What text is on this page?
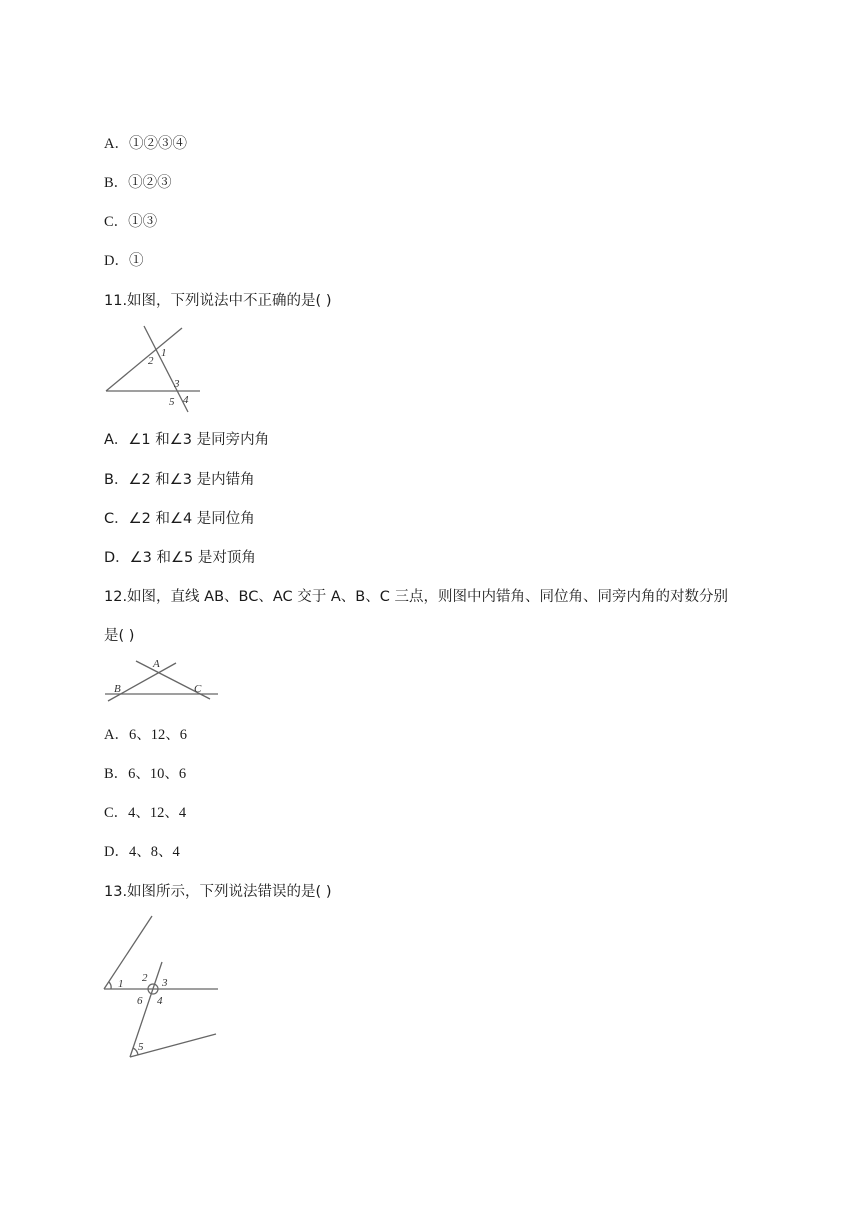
A．①②③④
B．①②③
C．①③
D．①
11.如图，下列说法中不正确的是( )
1
2
3
4
5
A．∠1 和∠3 是同旁内角
B．∠2 和∠3 是内错角
C．∠2 和∠4 是同位角
D．∠3 和∠5 是对顶角
12.如图，直线 AB、BC、AC 交于 A、B、C 三点，则图中内错角、同位角、同旁内角的对数分别
是( )
A
B	C
A．6、12、6
B．6、10、6
C．4、12、4
D．4、8、4
13.如图所示，下列说法错误的是( )
1 2 3
4
6
5
